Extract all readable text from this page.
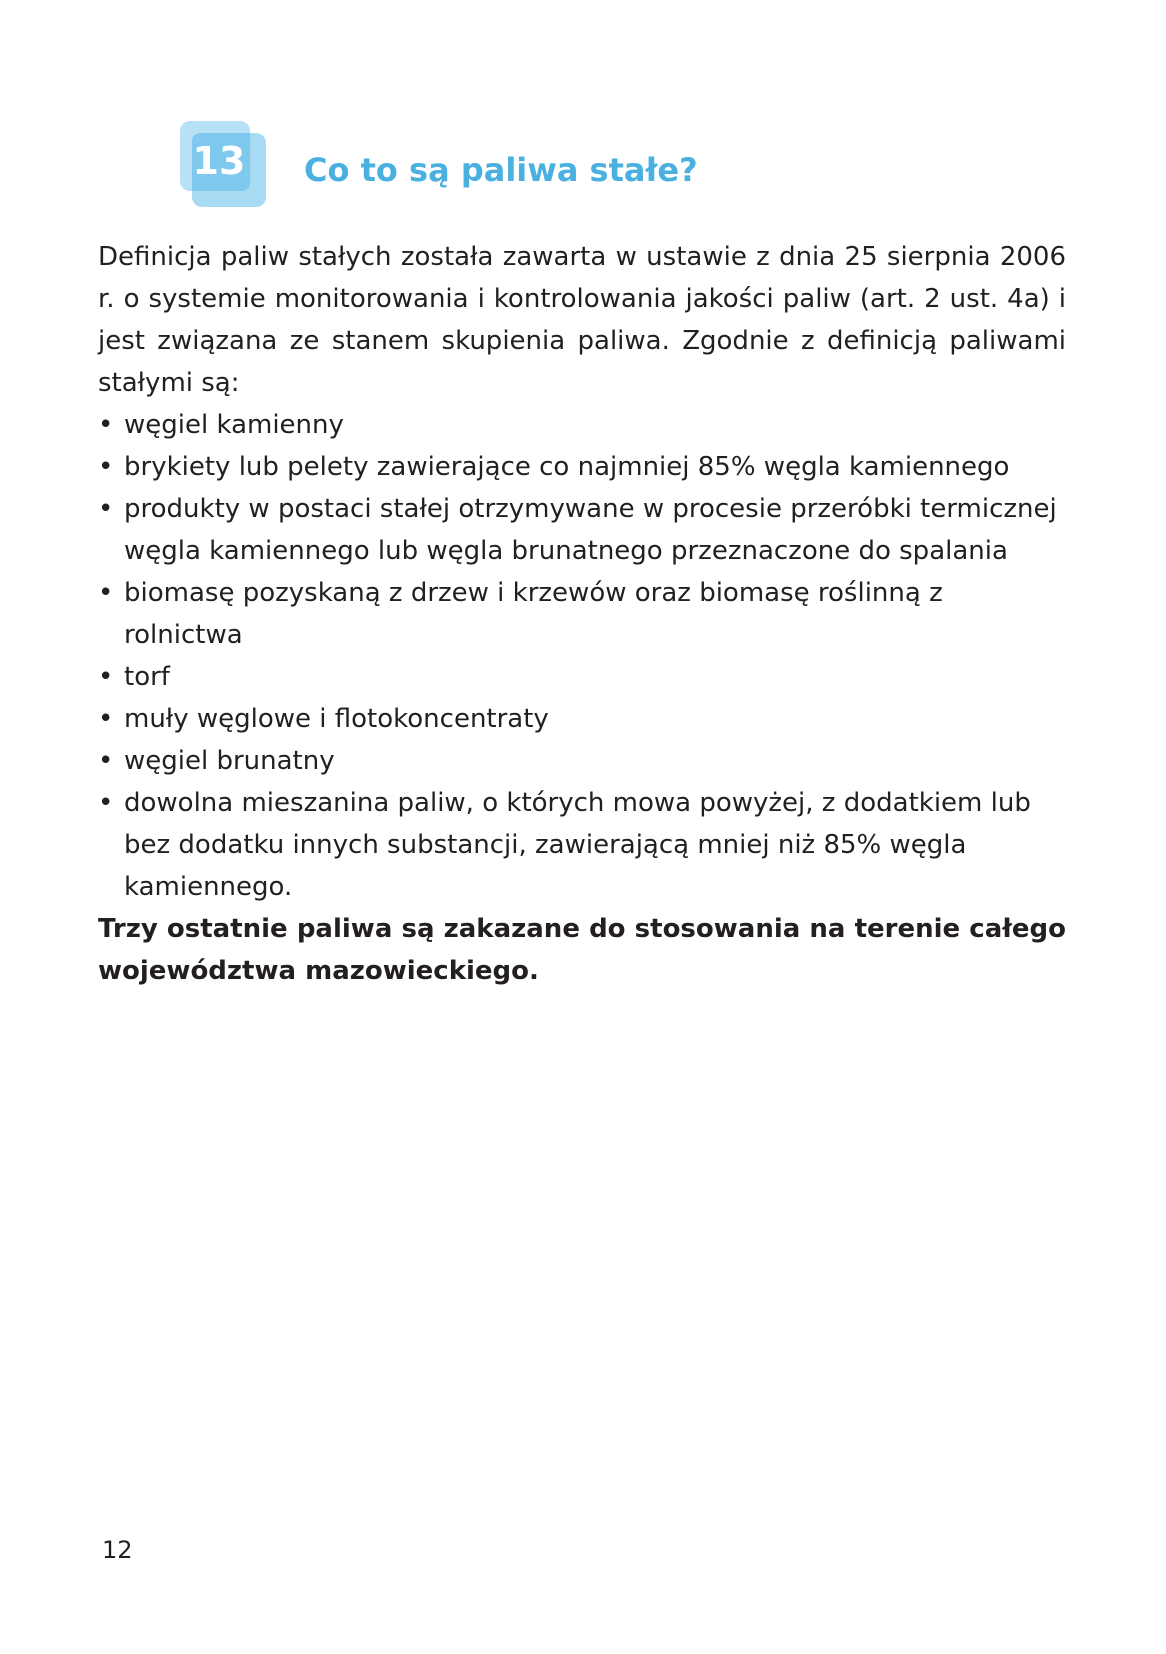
13	Co to są paliwa stałe?

Definicja paliw stałych została zawarta w ustawie z dnia 25 sierpnia 2006 r. o systemie monitorowania i kontrolowania jakości paliw (art. 2 ust. 4a) i jest związana ze stanem skupienia paliwa. Zgodnie z definicją paliwami stałymi są:

• węgiel kamienny
• brykiety lub pelety zawierające co najmniej 85% węgla kamiennego
• produkty w postaci stałej otrzymywane w procesie przeróbki termicznej węgla kamiennego lub węgla brunatnego przeznaczone do spalania
• biomasę pozyskaną z drzew i krzewów oraz biomasę roślinną z rolnictwa
• torf
• muły węglowe i flotokoncentraty
• węgiel brunatny
• dowolna mieszanina paliw, o których mowa powyżej, z dodatkiem lub bez dodatku innych substancji, zawierającą mniej niż 85% węgla kamiennego.

Trzy ostatnie paliwa są zakazane do stosowania na terenie całego województwa mazowieckiego.

12
